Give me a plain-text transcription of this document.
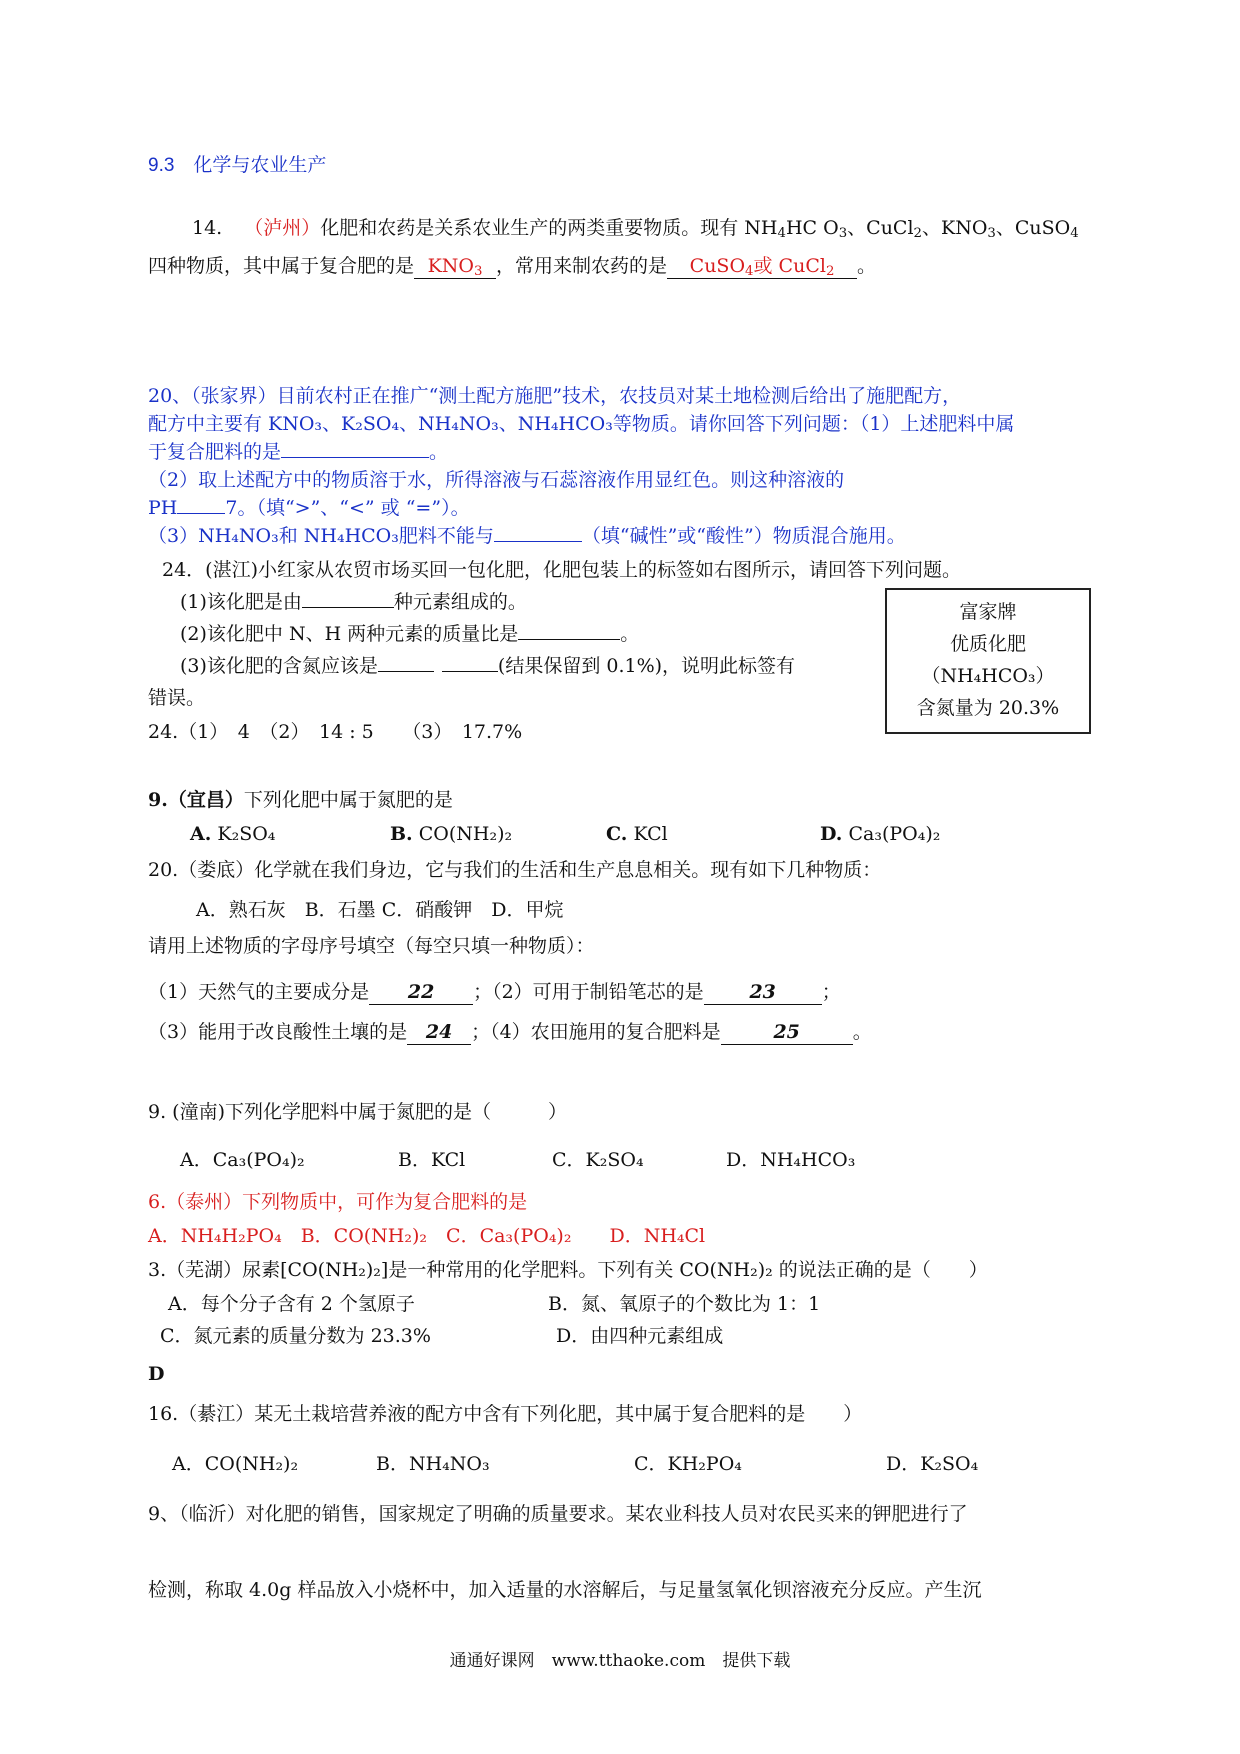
9.3　化学与农业生产
14. （泸州）化肥和农药是关系农业生产的两类重要物质。现有 $NH_4HC$ $O_3$、CuCl$_2$、$KNO_3$、CuSO$_4$
四种物质，其中属于复合肥的是 $KNO_3$ ，常用来制农药的是 CuSO$_4$或 CuCl$_2$ 。
20、（张家界）目前农村正在推广“测土配方施肥”技术，农技员对某土地检测后给出了施肥配方，
配方中主要有 KNO₃、K₂SO₄、NH₄NO₃、NH₄HCO₃等物质。请你回答下列问题：（1）上述肥料中属
于复合肥料的是	。
（2）取上述配方中的物质溶于水，所得溶液与石蕊溶液作用显红色。则这种溶液的
PH	7。（填“>”、“<” 或 “=”）。
（3）NH₄NO₃和 NH₄HCO₃肥料不能与	（填“碱性”或“酸性”）物质混合施用。
24．(湛江)小红家从农贸市场买回一包化肥，化肥包装上的标签如右图所示，请回答下列问题。
(1)该化肥是由	种元素组成的。
(2)该化肥中 N、H 两种元素的质量比是	。
(3)该化肥的含氮应该是	(结果保留到 0.1%)，说明此标签有
错误。
24.（1）　4　（2）　14 : 5　　（3）　17.7%
富家牌
优质化肥
（NH₄HCO₃）
含氮量为 20.3%
9.（宜昌）下列化肥中属于氮肥的是
A. K₂SO₄	B. CO(NH₂)₂	C. KCl	D. Ca₃(PO₄)₂
20.（娄底）化学就在我们身边，它与我们的生活和生产息息相关。现有如下几种物质：
A．熟石灰　B．石墨 C．硝酸钾　D．甲烷
请用上述物质的字母序号填空（每空只填一种物质）：
（1）天然气的主要成分是 22 ；（2）可用于制铅笔芯的是 23 ；
（3）能用于改良酸性土壤的是 24 ；（4）农田施用的复合肥料是	25	。
9. (潼南)下列化学肥料中属于氮肥的是（　　　）
A．Ca₃(PO₄)₂	B．KCl	C．K₂SO₄	D．NH₄HCO₃
6.（泰州）下列物质中，可作为复合肥料的是
A．NH₄H₂PO₄　B．CO(NH₂)₂　C．Ca₃(PO₄)₂　　D．NH₄Cl
3.（芜湖）尿素[CO(NH₂)₂]是一种常用的化学肥料。下列有关 CO(NH₂)₂ 的说法正确的是（　　）
A．每个分子含有 2 个氢原子	B．氮、氧原子的个数比为 1：1
C．氮元素的质量分数为 23.3%	D．由四种元素组成
D
16.（綦江）某无土栽培营养液的配方中含有下列化肥，其中属于复合肥料的是　　）
A．CO(NH₂)₂	B．NH₄NO₃	C．KH₂PO₄	D．K₂SO₄
9、（临沂）对化肥的销售，国家规定了明确的质量要求。某农业科技人员对农民买来的钾肥进行了
检测，称取 4.0g 样品放入小烧杯中，加入适量的水溶解后，与足量氢氧化钡溶液充分反应。产生沉
通通好课网　www.tthaoke.com　提供下载
